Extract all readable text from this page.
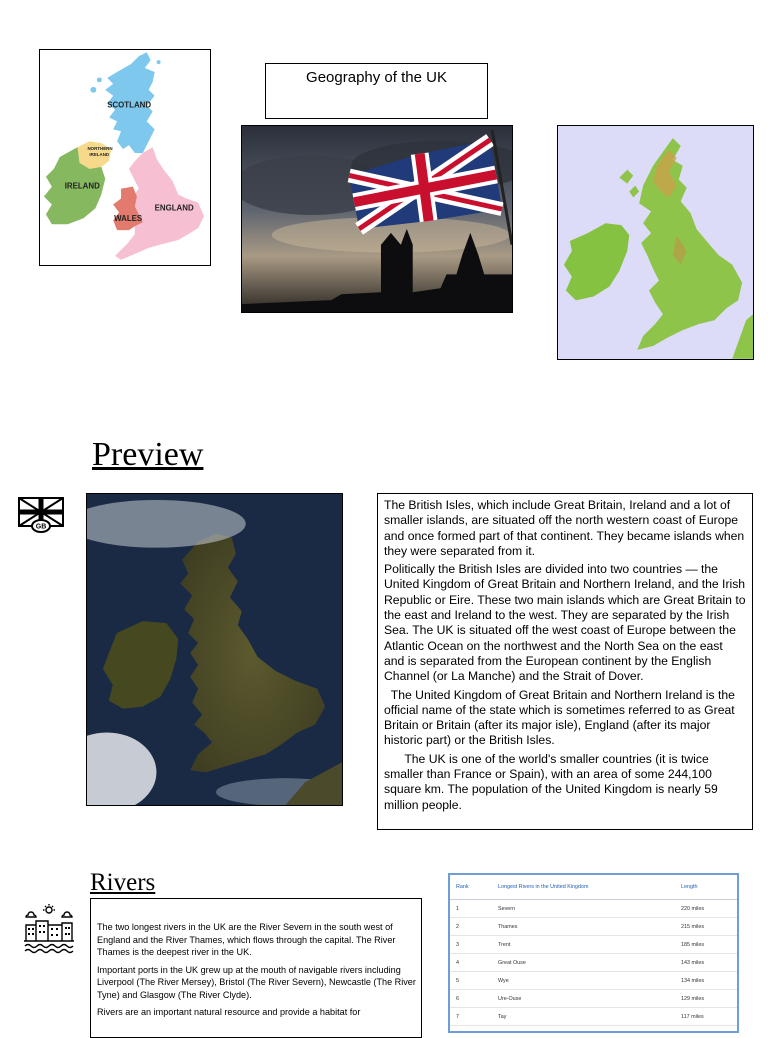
SCOTLAND
NORTHERN
IRELAND
IRELAND
WALES
ENGLAND
Geography of the UK
Preview
GB

The British Isles, which include Great Britain, Ireland and a lot of smaller islands, are situated off the north western coast of Europe and once formed part of that continent. They became islands when they were separated from it.

Politically the British Isles are divided into two countries — the United Kingdom of Great Britain and Northern Ireland, and the Irish Republic or Eire. These two main islands which are Great Britain to the east and Ireland to the west. They are separated by the Irish Sea. The UK is situated off the west coast of Europe between the Atlantic Ocean on the northwest and the North Sea on the east and is separated from the European continent by the English Channel (or La Manche) and the Strait of Dover.

The United Kingdom of Great Britain and Northern Ireland is the official name of the state which is sometimes referred to as Great Britain or Britain (after its major isle), England (after its major historic part) or the British Isles.

The UK is one of the world's smaller countries (it is twice smaller than France or Spain), with an area of some 244,100 square km. The population of the United Kingdom is nearly 59 million people.

Rivers

The two longest rivers in the UK are the River Severn in the south west of England and the River Thames, which flows through the capital. The River Thames is the deepest river in the UK.

Important ports in the UK grew up at the mouth of navigable rivers including Liverpool (The River Mersey), Bristol (The River Severn), Newcastle (The River Tyne) and Glasgow (The River Clyde).

Rivers are an important natural resource and provide a habitat for

Rank	Longest Rivers in the United Kingdom	Length
1	Severn	220 miles
2	Thames	215 miles
3	Trent	185 miles
4	Great Ouse	143 miles
5	Wye	134 miles
6	Ure-Ouse	129 miles
7	Tay	117 miles
